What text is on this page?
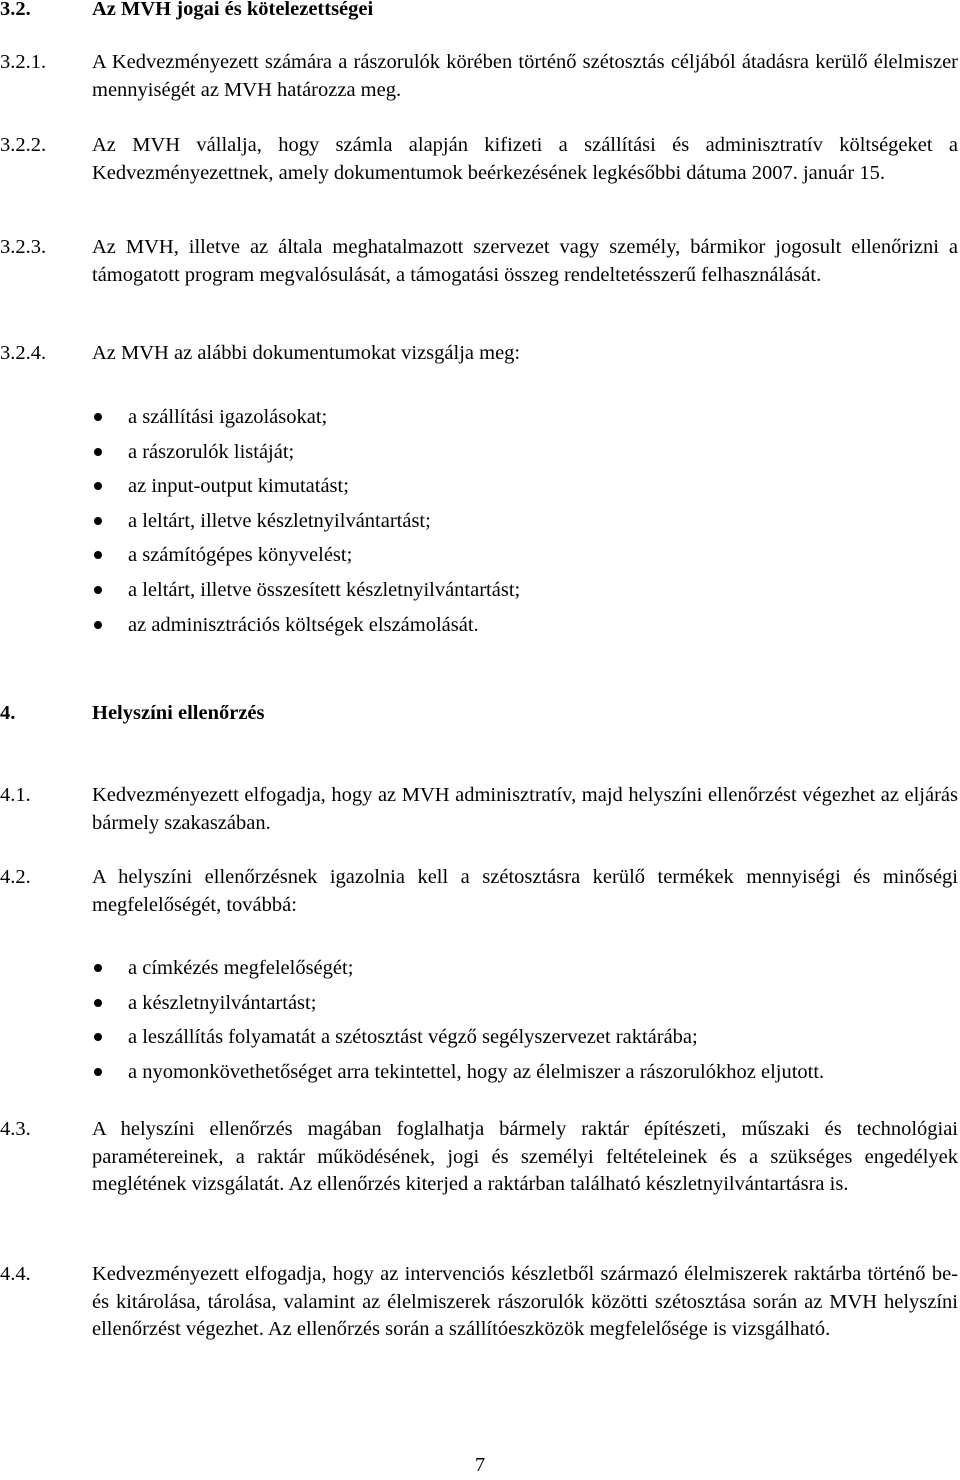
3.2.	Az MVH jogai és kötelezettségei
3.2.1.	A Kedvezményezett számára a rászorulók körében történő szétosztás céljából átadásra kerülő élelmiszer mennyiségét az MVH határozza meg.
3.2.2.	Az MVH vállalja, hogy számla alapján kifizeti a szállítási és adminisztratív költségeket a Kedvezményezettnek, amely dokumentumok beérkezésének legkésőbbi dátuma 2007. január 15.
3.2.3.	Az MVH, illetve az általa meghatalmazott szervezet vagy személy, bármikor jogosult ellenőrizni a támogatott program megvalósulását, a támogatási összeg rendeltetésszerű felhasználását.
3.2.4.	Az MVH az alábbi dokumentumokat vizsgálja meg:
a szállítási igazolásokat;
a rászorulók listáját;
az input-output kimutatást;
a leltárt, illetve készletnyilvántartást;
a számítógépes könyvelést;
a leltárt, illetve összesített készletnyilvántartást;
az adminisztrációs költségek elszámolását.
4.	Helyszíni ellenőrzés
4.1.	Kedvezményezett elfogadja, hogy az MVH adminisztratív, majd helyszíni ellenőrzést végezhet az eljárás bármely szakaszában.
4.2.	A helyszíni ellenőrzésnek igazolnia kell a szétosztásra kerülő termékek mennyiségi és minőségi megfelelőségét, továbbá:
a címkézés megfelelőségét;
a készletnyilvántartást;
a leszállítás folyamatát a szétosztást végző segélyszervezet raktárába;
a nyomonkövethetőséget arra tekintettel, hogy az élelmiszer a rászorulókhoz eljutott.
4.3.	A helyszíni ellenőrzés magában foglalhatja bármely raktár építészeti, műszaki és technológiai paramétereinek, a raktár működésének, jogi és személyi feltételeinek és a szükséges engedélyek meglétének vizsgálatát. Az ellenőrzés kiterjed a raktárban található készletnyilvántartásra is.
4.4.	Kedvezményezett elfogadja, hogy az intervenciós készletből származó élelmiszerek raktárba történő be- és kitárolása, tárolása, valamint az élelmiszerek rászorulók közötti szétosztása során az MVH helyszíni ellenőrzést végezhet. Az ellenőrzés során a szállítóeszközök megfelelősége is vizsgálható.
7
